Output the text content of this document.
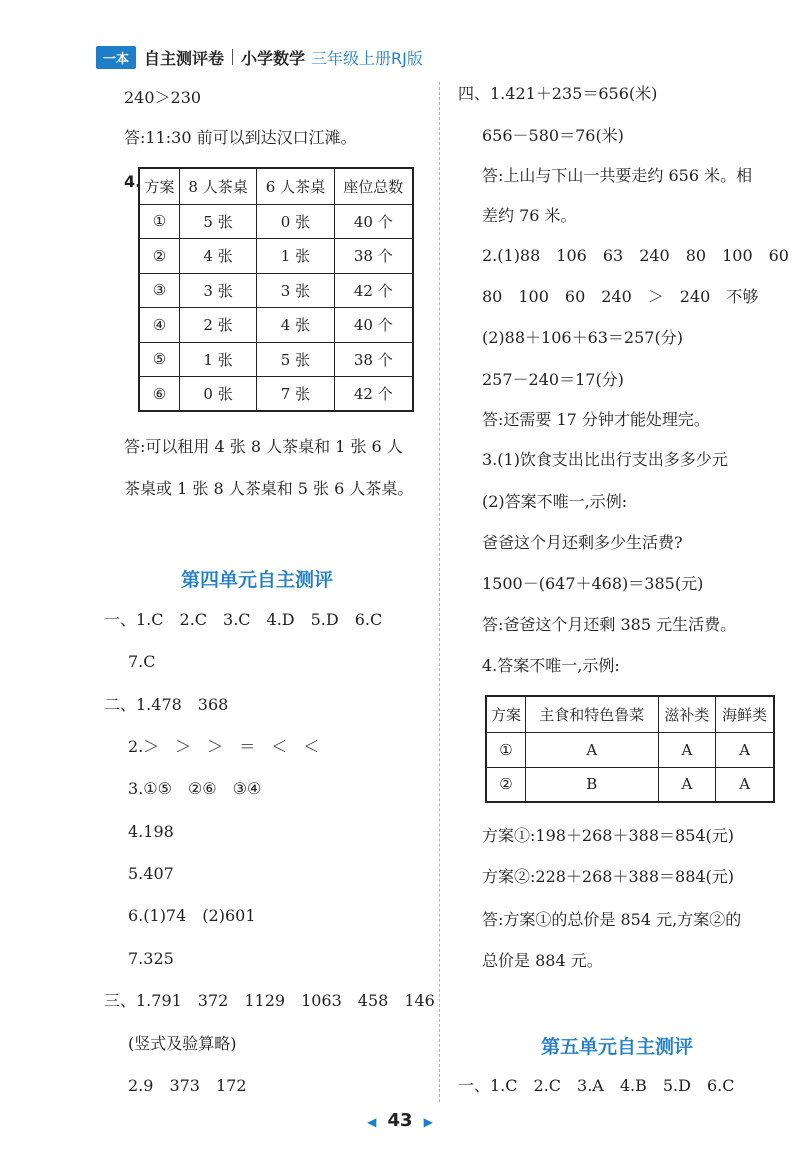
一本 自主测评卷 小学数学 三年级上册RJ版
240＞230
答:11:30 前可以到达汉口江滩。
4. 方案	8 人茶桌	6 人茶桌	座位总数
①	5 张	0 张	40 个
②	4 张	1 张	38 个
③	3 张	3 张	42 个
④	2 张	4 张	40 个
⑤	1 张	5 张	38 个
⑥	0 张	7 张	42 个
答:可以租用 4 张 8 人茶桌和 1 张 6 人
茶桌或 1 张 8 人茶桌和 5 张 6 人茶桌。
第四单元自主测评
一、1.C　2.C　3.C　4.D　5.D　6.C
7.C
二、1.478　368
2.＞　＞　＞　＝　＜　＜
3.①⑤　②⑥　③④
4.198
5.407
6.(1)74　(2)601
7.325
三、1.791　372　1129　1063　458　146
(竖式及验算略)
2.9　373　172
四、1.421＋235＝656(米)
656－580＝76(米)
答:上山与下山一共要走约 656 米。相
差约 76 米。
2.(1)88　106　63　240　80　100　60
80　100　60　240　＞　240　不够
(2)88＋106＋63＝257(分)
257－240＝17(分)
答:还需要 17 分钟才能处理完。
3.(1)饮食支出比出行支出多多少元
(2)答案不唯一,示例:
爸爸这个月还剩多少生活费?
1500－(647＋468)＝385(元)
答:爸爸这个月还剩 385 元生活费。
4.答案不唯一,示例:
方案	主食和特色鲁菜	滋补类	海鲜类
①	A	A	A
②	B	A	A
方案①:198＋268＋388＝854(元)
方案②:228＋268＋388＝884(元)
答:方案①的总价是 854 元,方案②的
总价是 884 元。
第五单元自主测评
一、1.C　2.C　3.A　4.B　5.D　6.C
◀ 43 ▶
